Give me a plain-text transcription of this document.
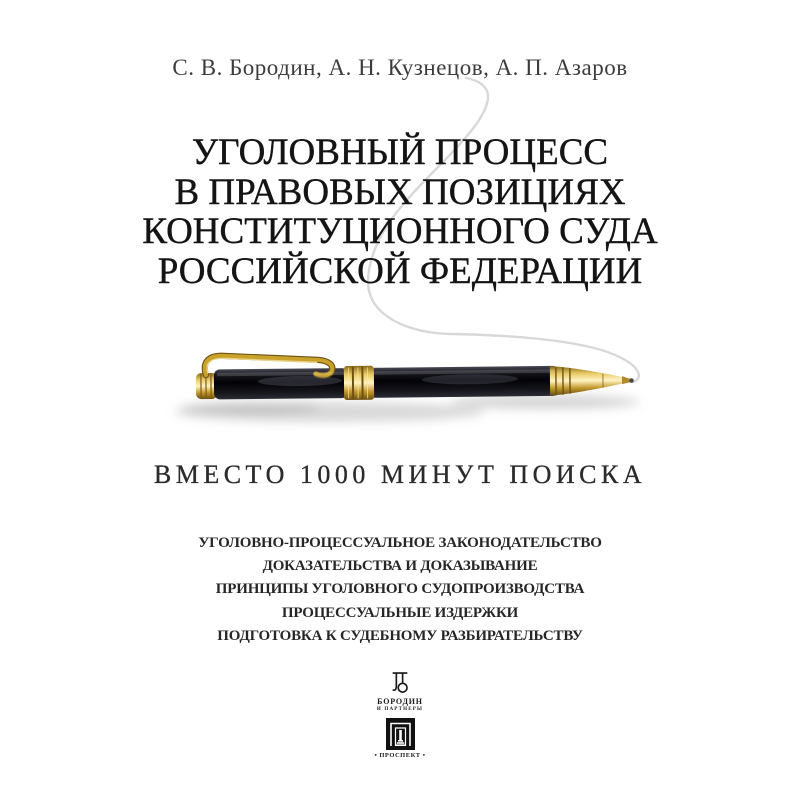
С. В. Бородин, А. Н. Кузнецов, А. П. Азаров
УГОЛОВНЫЙ ПРОЦЕСС
В ПРАВОВЫХ ПОЗИЦИЯХ
КОНСТИТУЦИОННОГО СУДА
РОССИЙСКОЙ ФЕДЕРАЦИИ
ВМЕСТО 1000 МИНУТ ПОИСКА
УГОЛОВНО-ПРОЦЕССУАЛЬНОЕ ЗАКОНОДАТЕЛЬСТВО
ДОКАЗАТЕЛЬСТВА И ДОКАЗЫВАНИЕ
ПРИНЦИПЫ УГОЛОВНОГО СУДОПРОИЗВОДСТВА
ПРОЦЕССУАЛЬНЫЕ ИЗДЕРЖКИ
ПОДГОТОВКА К СУДЕБНОМУ РАЗБИРАТЕЛЬСТВУ
БОРОДИН
И ПАРТНЕРЫ
• ПРОСПЕКТ •
